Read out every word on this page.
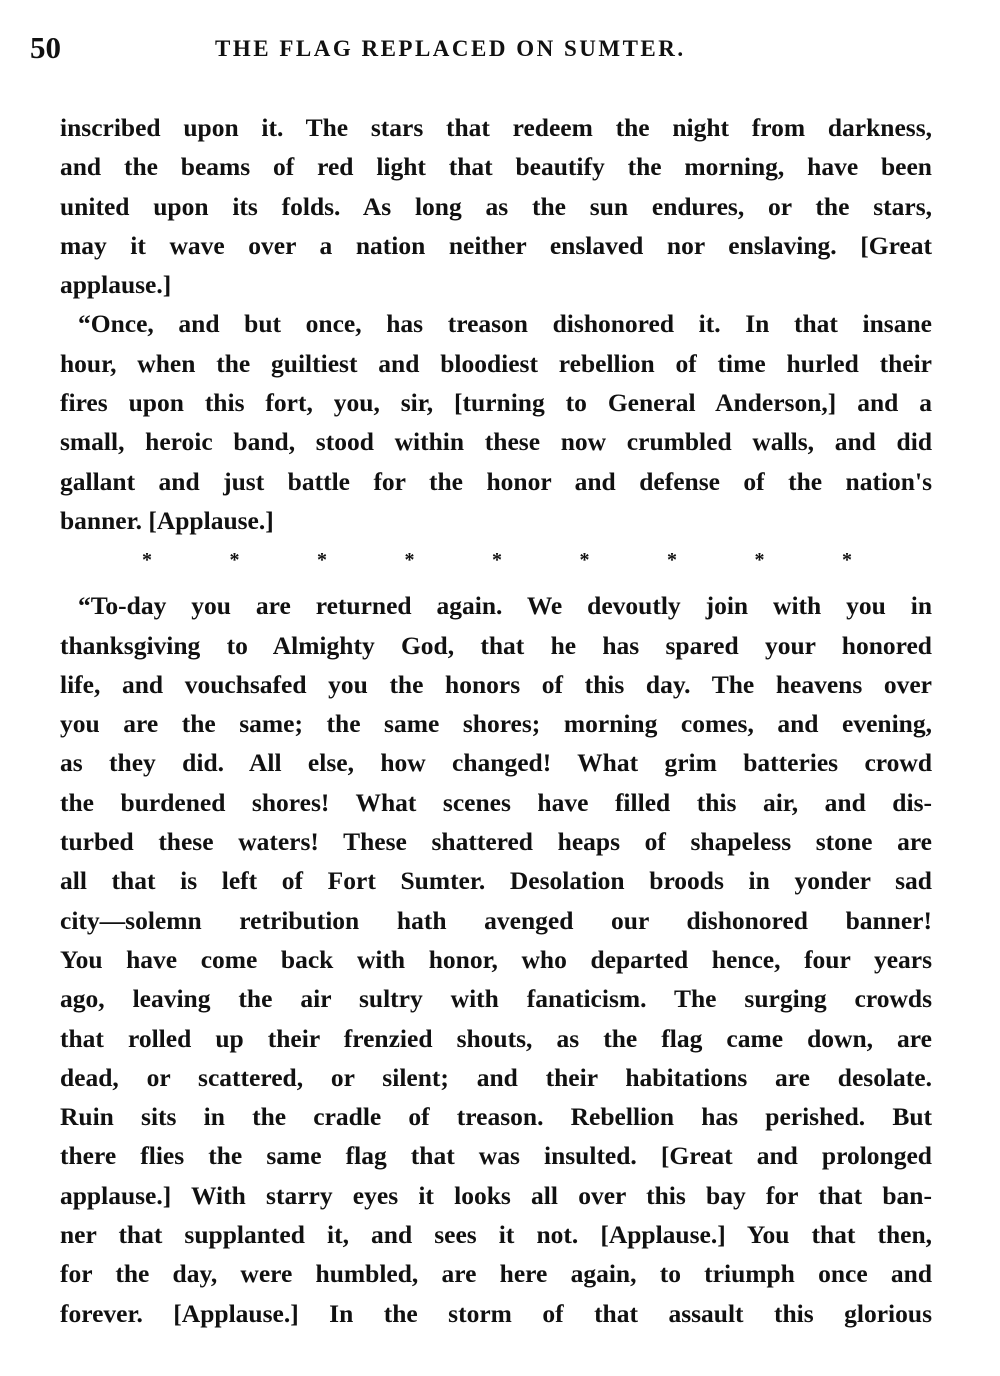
50	THE FLAG REPLACED ON SUMTER.
inscribed upon it. The stars that redeem the night from darkness,
and the beams of red light that beautify the morning, have been
united upon its folds. As long as the sun endures, or the stars,
may it wave over a nation neither enslaved nor enslaving. [Great
applause.]
“Once, and but once, has treason dishonored it. In that insane
hour, when the guiltiest and bloodiest rebellion of time hurled their
fires upon this fort, you, sir, [turning to General Anderson,] and a
small, heroic band, stood within these now crumbled walls, and did
gallant and just battle for the honor and defense of the nation's
banner. [Applause.]
*	*	*	*	*	*	*	*	*
“To-day you are returned again. We devoutly join with you in
thanksgiving to Almighty God, that he has spared your honored
life, and vouchsafed you the honors of this day. The heavens over
you are the same; the same shores; morning comes, and evening,
as they did. All else, how changed! What grim batteries crowd
the burdened shores! What scenes have filled this air, and dis-
turbed these waters! These shattered heaps of shapeless stone are
all that is left of Fort Sumter. Desolation broods in yonder sad
city—solemn retribution hath avenged our dishonored banner!
You have come back with honor, who departed hence, four years
ago, leaving the air sultry with fanaticism. The surging crowds
that rolled up their frenzied shouts, as the flag came down, are
dead, or scattered, or silent; and their habitations are desolate.
Ruin sits in the cradle of treason. Rebellion has perished. But
there flies the same flag that was insulted. [Great and prolonged
applause.] With starry eyes it looks all over this bay for that ban-
ner that supplanted it, and sees it not. [Applause.] You that then,
for the day, were humbled, are here again, to triumph once and
forever. [Applause.] In the storm of that assault this glorious
